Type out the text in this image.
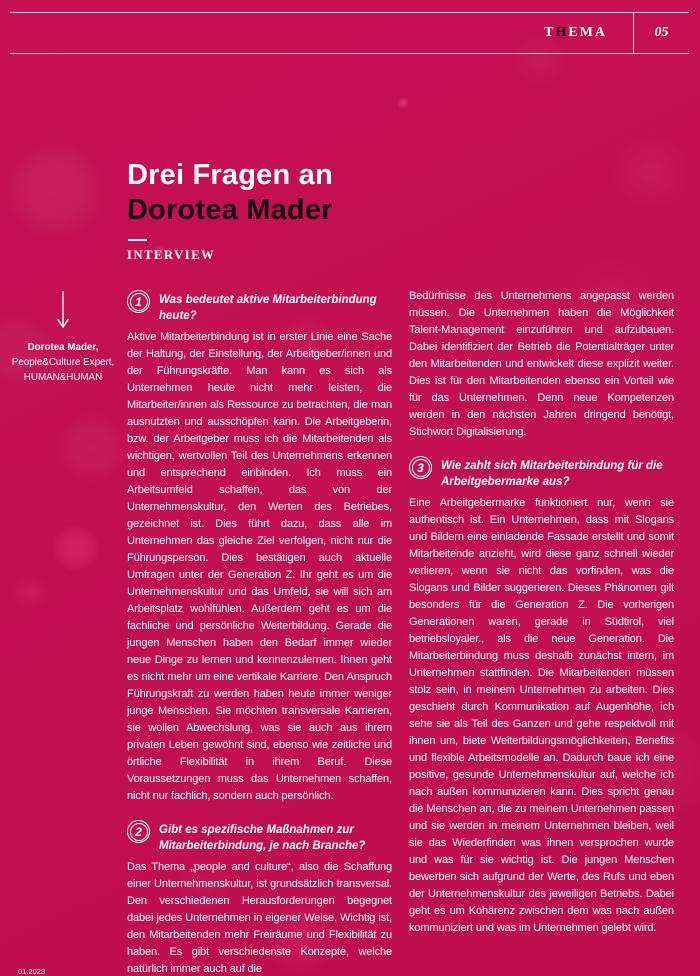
THEMA	05
Drei Fragen an
Dorotea Mader
INTERVIEW
Dorotea Mader,
People&Culture Expert,
HUMAN&HUMAN
1 Was bedeutet aktive Mitarbeiterbindung heute?

Aktive Mitarbeiterbindung ist in erster Linie eine Sache der Haltung, der Einstellung, der Arbeitgeber/innen und der Führungskräfte. Man kann es sich als Unternehmen heute nicht mehr leisten, die Mitarbeiter/innen als Ressource zu betrachten, die man ausnutzten und ausschöpfen kann. Die Arbeitgeberin, bzw. der Arbeitgeber muss ich die Mitarbeitenden als wichtigen, wertvollen Teil des Unternehmens erkennen und entsprechend einbinden. Ich muss ein Arbeitsumfeld schaffen, das von der Unternehmenskultur, den Werten des Betriebes, gezeichnet ist. Dies führt dazu, dass alle im Unternehmen das gleiche Ziel verfolgen, nicht nur die Führungsperson. Dies bestätigen auch aktuelle Umfragen unter der Generation Z. Ihr geht es um die Unternehmenskultur und das Umfeld, sie will sich am Arbeitsplatz wohlfühlen. Außerdem geht es um die fachliche und persönliche Weiterbildung. Gerade die jungen Menschen haben den Bedarf immer wieder neue Dinge zu lernen und kennenzulernen. Ihnen geht es nicht mehr um eine vertikale Karriere. Den Anspruch Führungskraft zu werden haben heute immer weniger junge Menschen. Sie möchten transversale Karrieren, sie wollen Abwechslung, was sie auch aus ihrem privaten Leben gewöhnt sind, ebenso wie zeitliche und örtliche Flexibilität in ihrem Beruf. Diese Voraussetzungen muss das Unternehmen schaffen, nicht nur fachlich, sondern auch persönlich.

2 Gibt es spezifische Maßnahmen zur Mitarbeiterbindung, je nach Branche?

Das Thema „people and culture“, also die Schaffung einer Unternehmenskultur, ist grundsätzlich transversal. Den verschiedenen Herausforderungen begegnet dabei jedes Unternehmen in eigener Weise. Wichtig ist, den Mitarbeitenden mehr Freiräume und Flexibilität zu haben. Es gibt verschiedenste Konzepte, welche natürlich immer auch auf die

Bedürfnisse des Unternehmens angepasst werden müssen. Die Unternehmen haben die Möglichkeit Talent-Management einzuführen und aufzubauen. Dabei identifiziert der Betrieb die Potentialträger unter den Mitarbeitenden und entwickelt diese explizit weiter. Dies ist für den Mitarbeitenden ebenso ein Vorteil wie für das Unternehmen. Denn neue Kompetenzen werden in den nächsten Jahren dringend benötigt, Stichwort Digitalisierung.

3 Wie zahlt sich Mitarbeiterbindung für die Arbeitgebermarke aus?

Eine Arbeitgebermarke funktioniert nur, wenn sie authentisch ist. Ein Unternehmen, dass mit Slogans und Bildern eine einladende Fassade erstellt und somit Mitarbeitende anzieht, wird diese ganz schnell wieder verlieren, wenn sie nicht das vorfinden, was die Slogans und Bilder suggerieren. Dieses Phänomen gilt besonders für die Generation Z. Die vorherigen Generationen waren, gerade in Südtirol, viel betriebsloyaler., als die neue Generation. Die Mitarbeiterbindung muss deshalb zunächst intern, im Unternehmen stattfinden. Die Mitarbeitenden müssen stolz sein, in meinem Unternehmen zu arbeiten. Dies geschieht durch Kommunikation auf Augenhöhe, ich sehe sie als Teil des Ganzen und gehe respektvoll mit ihnen um, biete Weiterbildungsmöglichkeiten, Benefits und flexible Arbeitsmodelle an. Dadurch baue ich eine positive, gesunde Unternehmenskultur auf, welche ich nach außen kommunizieren kann. Dies spricht genau die Menschen an, die zu meinem Unternehmen passen und sie werden in meinem Unternehmen bleiben, weil sie das Wiederfinden was ihnen versprochen wurde und was für sie wichtig ist. Die jungen Menschen bewerben sich aufgrund der Werte, des Rufs und eben der Unternehmenskultur des jeweiligen Betriebs. Dabei geht es um Kohärenz zwischen dem was nach außen kommuniziert und was im Unternehmen gelebt wird.

01.2023
